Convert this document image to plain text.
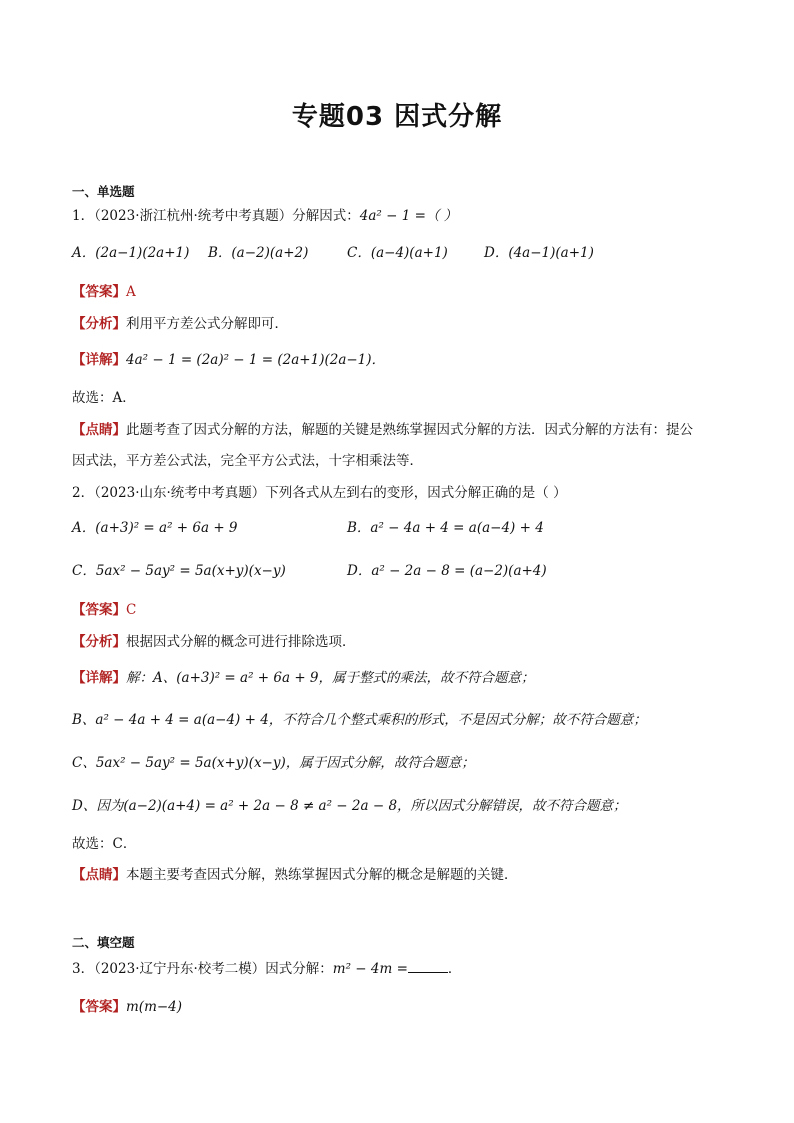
专题03 因式分解
一、单选题
1．（2023·浙江杭州·统考中考真题）分解因式：4a² − 1 =（ ）
A．(2a−1)(2a+1) B．(a−2)(a+2)	C．(a−4)(a+1)	D．(4a−1)(a+1)
【答案】A
【分析】利用平方差公式分解即可．
【详解】4a² − 1 = (2a)² − 1 = (2a+1)(2a−1)．
故选：A．
【点睛】此题考查了因式分解的方法，解题的关键是熟练掌握因式分解的方法．因式分解的方法有：提公
因式法，平方差公式法，完全平方公式法，十字相乘法等．
2．（2023·山东·统考中考真题）下列各式从左到右的变形，因式分解正确的是（ ）
A．(a+3)² = a² + 6a + 9	B．a² − 4a + 4 = a(a−4) + 4
C．5ax² − 5ay² = 5a(x+y)(x−y)	D．a² − 2a − 8 = (a−2)(a+4)
【答案】C
【分析】根据因式分解的概念可进行排除选项．
【详解】解：A、(a+3)² = a² + 6a + 9，属于整式的乘法，故不符合题意；
B、a² − 4a + 4 = a(a−4) + 4，不符合几个整式乘积的形式，不是因式分解；故不符合题意；
C、5ax² − 5ay² = 5a(x+y)(x−y)，属于因式分解，故符合题意；
D、因为(a−2)(a+4) = a² + 2a − 8 ≠ a² − 2a − 8，所以因式分解错误，故不符合题意；
故选：C．
【点睛】本题主要考查因式分解，熟练掌握因式分解的概念是解题的关键．
二、填空题
3．（2023·辽宁丹东·校考二模）因式分解：m² − 4m =	．
【答案】m(m−4)
